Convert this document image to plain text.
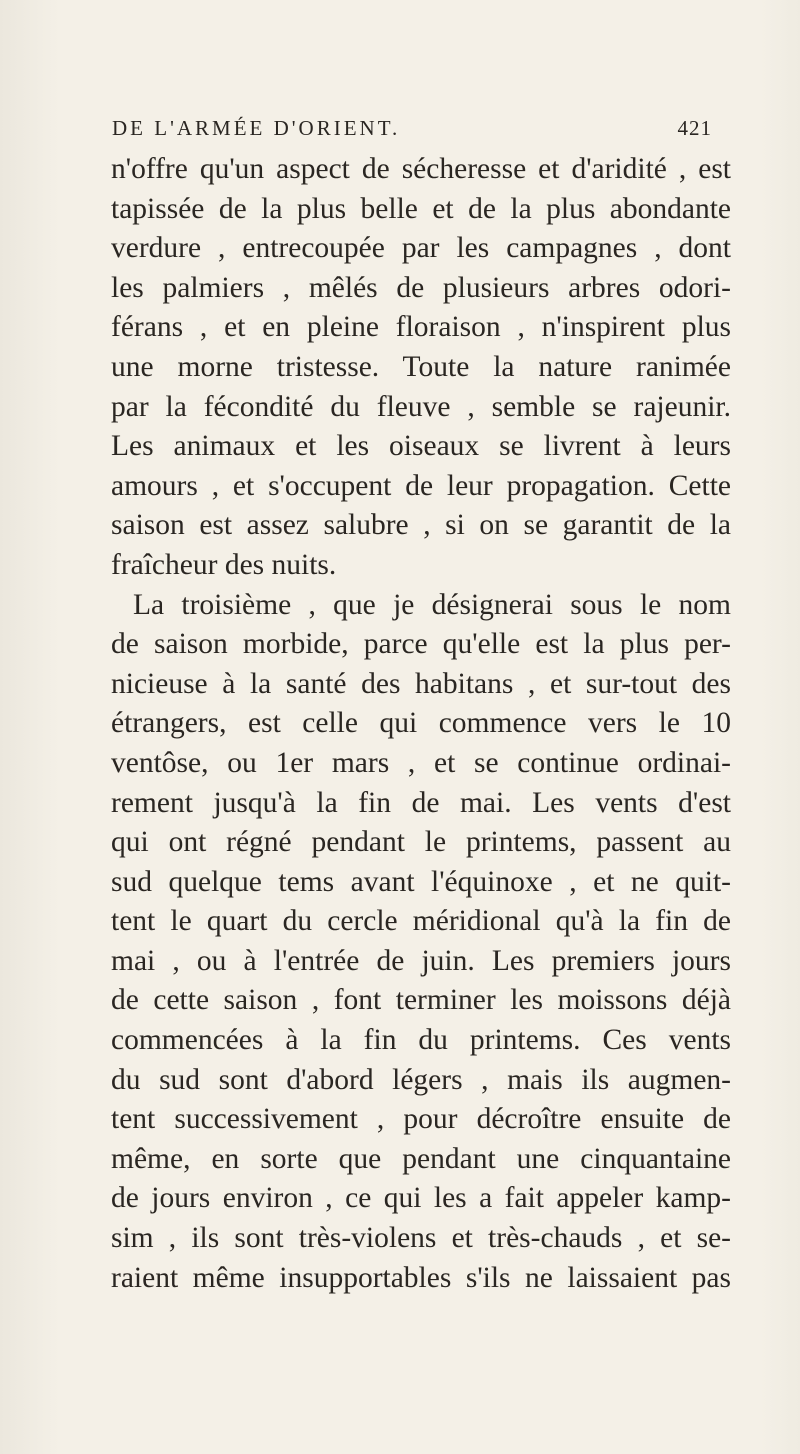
DE L'ARMÉE D'ORIENT.	421
n'offre qu'un aspect de sécheresse et d'aridité , est
tapissée de la plus belle et de la plus abondante
verdure , entrecoupée par les campagnes , dont
les palmiers , mêlés de plusieurs arbres odori-
férans , et en pleine floraison , n'inspirent plus
une morne tristesse. Toute la nature ranimée
par la fécondité du fleuve , semble se rajeunir.
Les animaux et les oiseaux se livrent à leurs
amours , et s'occupent de leur propagation. Cette
saison est assez salubre , si on se garantit de la
fraîcheur des nuits.
La troisième , que je désignerai sous le nom
de saison morbide, parce qu'elle est la plus per-
nicieuse à la santé des habitans , et sur-tout des
étrangers, est celle qui commence vers le 10
ventôse, ou 1er mars , et se continue ordinai-
rement jusqu'à la fin de mai. Les vents d'est
qui ont régné pendant le printems, passent au
sud quelque tems avant l'équinoxe , et ne quit-
tent le quart du cercle méridional qu'à la fin de
mai , ou à l'entrée de juin. Les premiers jours
de cette saison , font terminer les moissons déjà
commencées à la fin du printems. Ces vents
du sud sont d'abord légers , mais ils augmen-
tent successivement , pour décroître ensuite de
même, en sorte que pendant une cinquantaine
de jours environ , ce qui les a fait appeler kamp-
sim , ils sont très-violens et très-chauds , et se-
raient même insupportables s'ils ne laissaient pas
